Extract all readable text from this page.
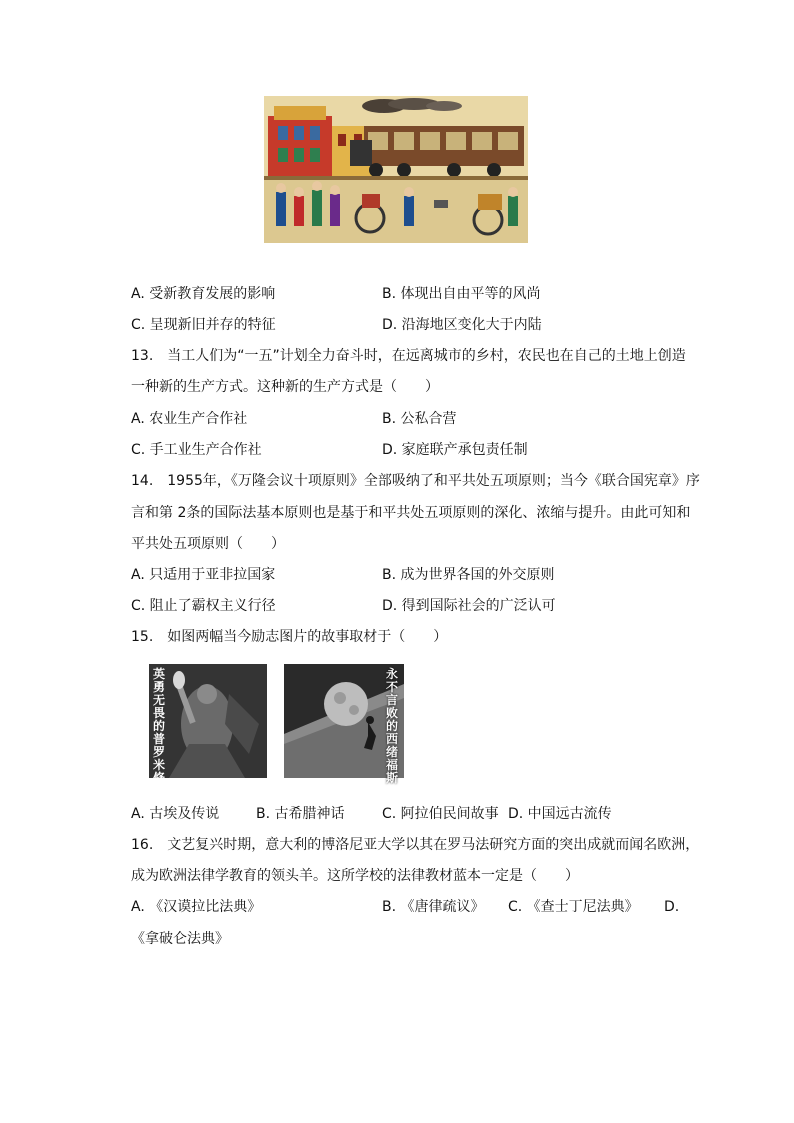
A. 受新教育发展的影响	B. 体现出自由平等的风尚
C. 呈现新旧并存的特征	D. 沿海地区变化大于内陆
13. 当工人们为“一五”计划全力奋斗时，在远离城市的乡村，农民也在自己的土地上创造
一种新的生产方式。这种新的生产方式是（　　）
A. 农业生产合作社	B. 公私合营
C. 手工业生产合作社	D. 家庭联产承包责任制
14. 1955年，《万隆会议十项原则》全部吸纳了和平共处五项原则；当今《联合国宪章》序
言和第 2条的国际法基本原则也是基于和平共处五项原则的深化、浓缩与提升。由此可知和
平共处五项原则（　　）
A. 只适用于亚非拉国家	B. 成为世界各国的外交原则
C. 阻止了霸权主义行径	D. 得到国际社会的广泛认可
15. 如图两幅当今励志图片的故事取材于（　　）
英勇无畏的普罗米修斯
永不言败的西绪福斯
A. 古埃及传说	B. 古希腊神话	C. 阿拉伯民间故事 D. 中国远古流传
16. 文艺复兴时期，意大利的博洛尼亚大学以其在罗马法研究方面的突出成就而闻名欧洲，
成为欧洲法律学教育的领头羊。这所学校的法律教材蓝本一定是（　　）
A. 《汉谟拉比法典》	B. 《唐律疏议》 C. 《查士丁尼法典》 D.
《拿破仑法典》
